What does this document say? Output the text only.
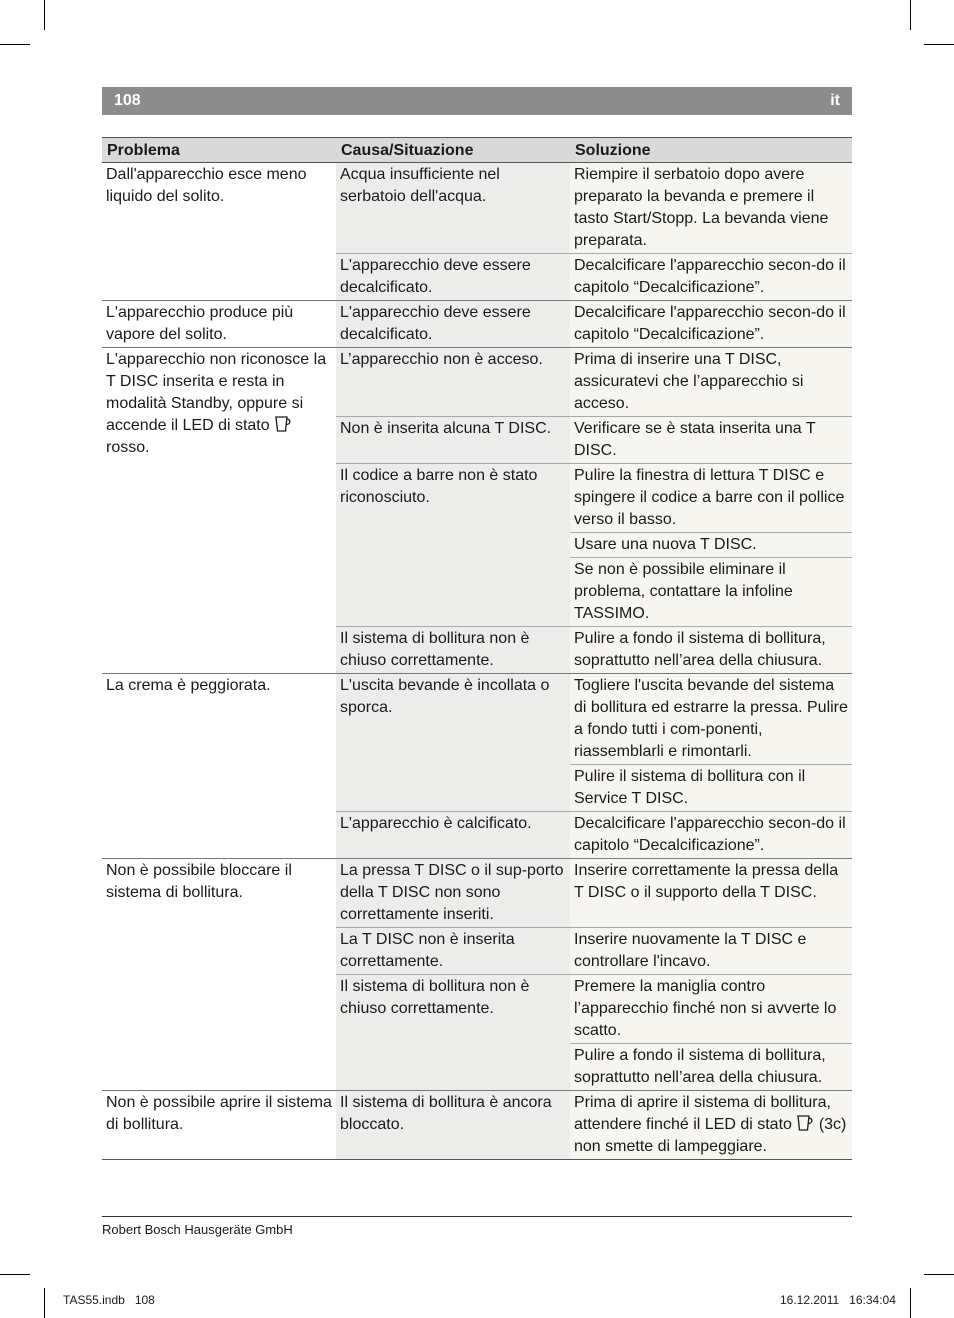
108	it
Problema	Causa/Situazione	Soluzione
Dall'apparecchio esce meno liquido del solito.	Acqua insufficiente nel serbatoio dell'acqua.	Riempire il serbatoio dopo avere preparato la bevanda e premere il tasto Start/Stopp. La bevanda viene preparata.
	L'apparecchio deve essere decalcificato.	Decalcificare l'apparecchio secon-do il capitolo “Decalcificazione”.
L'apparecchio produce più vapore del solito.	L'apparecchio deve essere decalcificato.	Decalcificare l'apparecchio secon-do il capitolo “Decalcificazione”.
L'apparecchio non riconosce la T DISC inserita e resta in modalità Standby, oppure si accende il LED di stato  rosso.	L’apparecchio non è acceso.	Prima di inserire una T DISC, assicuratevi che l’apparecchio si acceso.
	Non è inserita alcuna T DISC.	Verificare se è stata inserita una T DISC.
	Il codice a barre non è stato riconosciuto.	Pulire la finestra di lettura T DISC e spingere il codice a barre con il pollice verso il basso.
		Usare una nuova T DISC.
		Se non è possibile eliminare il problema, contattare la infoline TASSIMO.
	Il sistema di bollitura non è chiuso correttamente.	Pulire a fondo il sistema di bollitura, soprattutto nell’area della chiusura.
La crema è peggiorata.	L'uscita bevande è incollata o sporca.	Togliere l'uscita bevande del sistema di bollitura ed estrarre la pressa. Pulire a fondo tutti i com-ponenti, riassemblarli e rimontarli.
		Pulire il sistema di bollitura con il Service T DISC.
	L'apparecchio è calcificato.	Decalcificare l'apparecchio secon-do il capitolo “Decalcificazione”.
Non è possibile bloccare il sistema di bollitura.	La pressa T DISC o il sup-porto della T DISC non sono correttamente inseriti.	Inserire correttamente la pressa della T DISC o il supporto della T DISC.
	La T DISC non è inserita correttamente.	Inserire nuovamente la T DISC e controllare l'incavo.
	Il sistema di bollitura non è chiuso correttamente.	Premere la maniglia contro l’apparecchio finché non si avverte lo scatto.
		Pulire a fondo il sistema di bollitura, soprattutto nell’area della chiusura.
Non è possibile aprire il sistema di bollitura.	Il sistema di bollitura è ancora bloccato.	Prima di aprire il sistema di bollitura, attendere finché il LED di stato (3c) non smette di lampeggiare.
Robert Bosch Hausgeräte GmbH
TAS55.indb   108	16.12.2011   16:34:04
